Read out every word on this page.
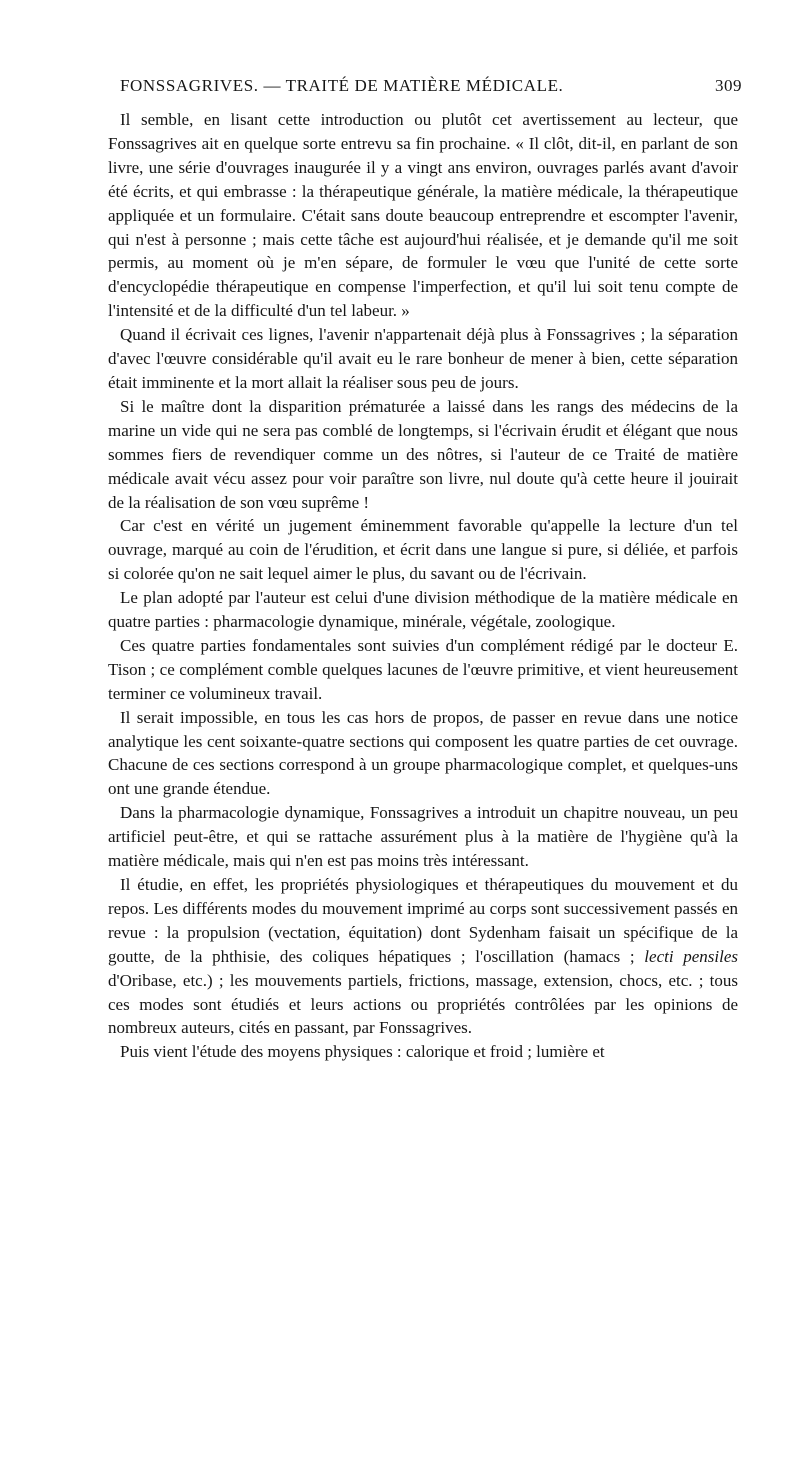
FONSSAGRIVES. — TRAITÉ DE MATIÈRE MÉDICALE.	309

Il semble, en lisant cette introduction ou plutôt cet avertissement au lecteur, que Fonssagrives ait en quelque sorte entrevu sa fin prochaine. « Il clôt, dit-il, en parlant de son livre, une série d'ouvrages inaugurée il y a vingt ans environ, ouvrages parlés avant d'avoir été écrits, et qui embrasse : la thérapeutique générale, la matière médicale, la thérapeutique appliquée et un formulaire. C'était sans doute beaucoup entreprendre et escompter l'avenir, qui n'est à personne ; mais cette tâche est aujourd'hui réalisée, et je demande qu'il me soit permis, au moment où je m'en sépare, de formuler le vœu que l'unité de cette sorte d'encyclopédie thérapeutique en compense l'imperfection, et qu'il lui soit tenu compte de l'intensité et de la difficulté d'un tel labeur. »

Quand il écrivait ces lignes, l'avenir n'appartenait déjà plus à Fonssagrives ; la séparation d'avec l'œuvre considérable qu'il avait eu le rare bonheur de mener à bien, cette séparation était imminente et la mort allait la réaliser sous peu de jours.

Si le maître dont la disparition prématurée a laissé dans les rangs des médecins de la marine un vide qui ne sera pas comblé de longtemps, si l'écrivain érudit et élégant que nous sommes fiers de revendiquer comme un des nôtres, si l'auteur de ce Traité de matière médicale avait vécu assez pour voir paraître son livre, nul doute qu'à cette heure il jouirait de la réalisation de son vœu suprême !

Car c'est en vérité un jugement éminemment favorable qu'appelle la lecture d'un tel ouvrage, marqué au coin de l'érudition, et écrit dans une langue si pure, si déliée, et parfois si colorée qu'on ne sait lequel aimer le plus, du savant ou de l'écrivain.

Le plan adopté par l'auteur est celui d'une division méthodique de la matière médicale en quatre parties : pharmacologie dynamique, minérale, végétale, zoologique.

Ces quatre parties fondamentales sont suivies d'un complément rédigé par le docteur E. Tison ; ce complément comble quelques lacunes de l'œuvre primitive, et vient heureusement terminer ce volumineux travail.

Il serait impossible, en tous les cas hors de propos, de passer en revue dans une notice analytique les cent soixante-quatre sections qui composent les quatre parties de cet ouvrage. Chacune de ces sections correspond à un groupe pharmacologique complet, et quelques-uns ont une grande étendue.

Dans la pharmacologie dynamique, Fonssagrives a introduit un chapitre nouveau, un peu artificiel peut-être, et qui se rattache assurément plus à la matière de l'hygiène qu'à la matière médicale, mais qui n'en est pas moins très intéressant.

Il étudie, en effet, les propriétés physiologiques et thérapeutiques du mouvement et du repos. Les différents modes du mouvement imprimé au corps sont successivement passés en revue : la propulsion (vectation, équitation) dont Sydenham faisait un spécifique de la goutte, de la phthisie, des coliques hépatiques ; l'oscillation (hamacs ; lecti pensiles d'Oribase, etc.) ; les mouvements partiels, frictions, massage, extension, chocs, etc. ; tous ces modes sont étudiés et leurs actions ou propriétés contrôlées par les opinions de nombreux auteurs, cités en passant, par Fonssagrives.

Puis vient l'étude des moyens physiques : calorique et froid ; lumière et
